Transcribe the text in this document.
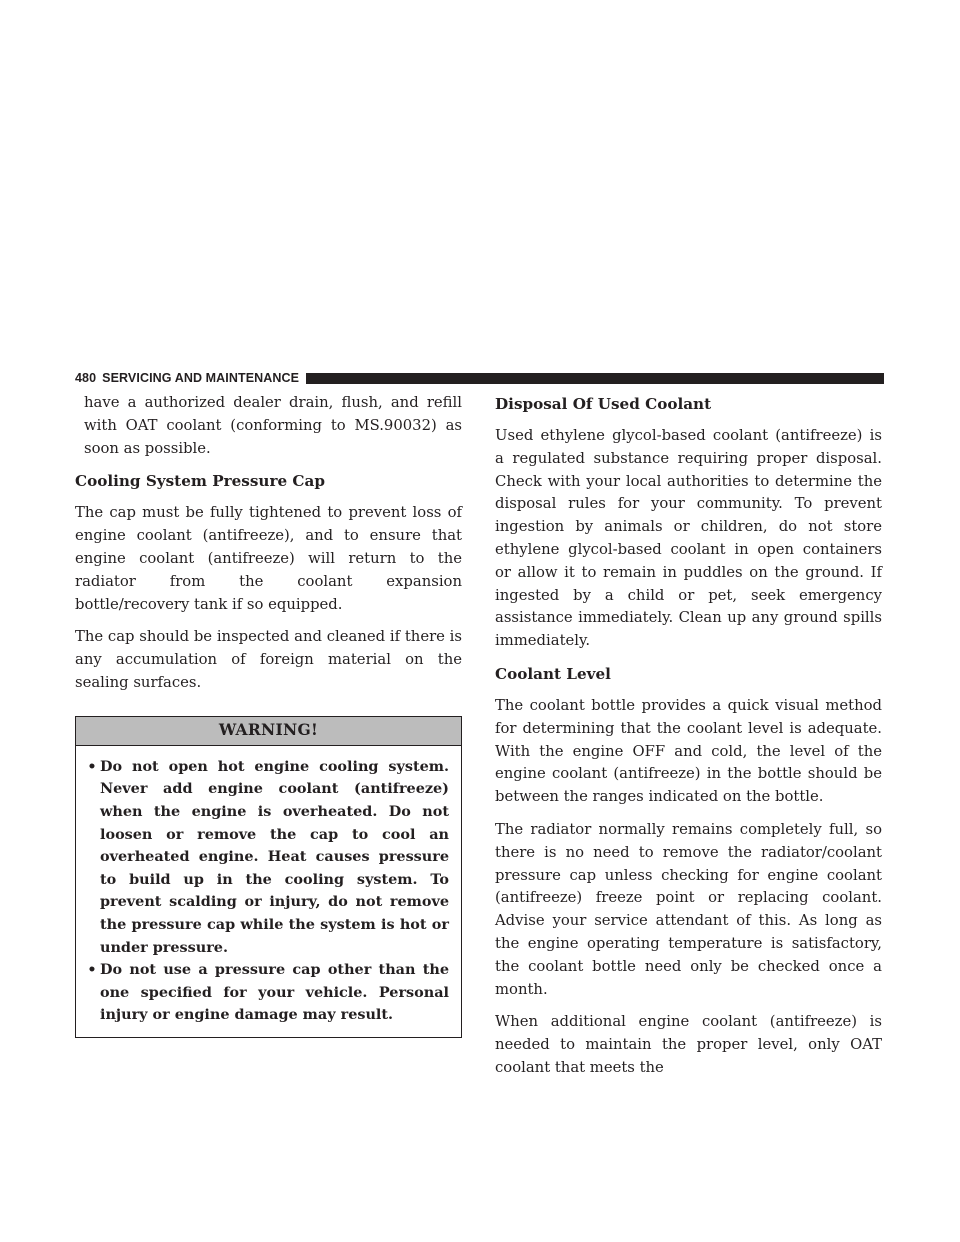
480 SERVICING AND MAINTENANCE

have a authorized dealer drain, flush, and refill with OAT coolant (conforming to MS.90032) as soon as possible.

Cooling System Pressure Cap

The cap must be fully tightened to prevent loss of engine coolant (antifreeze), and to ensure that engine coolant (antifreeze) will return to the radiator from the coolant expansion bottle/recovery tank if so equipped.

The cap should be inspected and cleaned if there is any accumulation of foreign material on the sealing surfaces.

WARNING!
• Do not open hot engine cooling system. Never add engine coolant (antifreeze) when the engine is overheated. Do not loosen or remove the cap to cool an overheated engine. Heat causes pressure to build up in the cooling system. To prevent scalding or injury, do not remove the pressure cap while the system is hot or under pressure.
• Do not use a pressure cap other than the one specified for your vehicle. Personal injury or engine damage may result.
Disposal Of Used Coolant

Used ethylene glycol-based coolant (antifreeze) is a regulated substance requiring proper disposal. Check with your local authorities to determine the disposal rules for your community. To prevent ingestion by animals or children, do not store ethylene glycol-based coolant in open containers or allow it to remain in puddles on the ground. If ingested by a child or pet, seek emergency assistance immediately. Clean up any ground spills immediately.

Coolant Level

The coolant bottle provides a quick visual method for determining that the coolant level is adequate. With the engine OFF and cold, the level of the engine coolant (antifreeze) in the bottle should be between the ranges indicated on the bottle.

The radiator normally remains completely full, so there is no need to remove the radiator/coolant pressure cap unless checking for engine coolant (antifreeze) freeze point or replacing coolant. Advise your service attendant of this. As long as the engine operating temperature is satisfactory, the coolant bottle need only be checked once a month.

When additional engine coolant (antifreeze) is needed to maintain the proper level, only OAT coolant that meets the
